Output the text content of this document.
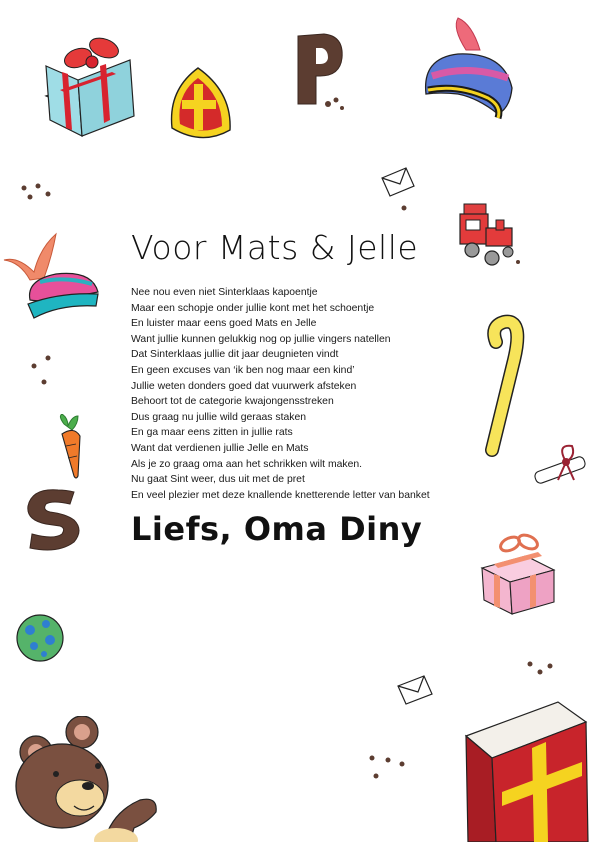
Voor Mats & Jelle
Nee nou even niet Sinterklaas kapoentje
Maar een schopje onder jullie kont met het schoentje
En luister maar eens goed Mats en Jelle
Want jullie kunnen gelukkig nog op jullie vingers natellen
Dat Sinterklaas jullie dit jaar deugnieten vindt
En geen excuses van ‘ik ben nog maar een kind’
Jullie weten donders goed dat vuurwerk afsteken
Behoort tot de categorie kwajongensstreken
Dus graag nu jullie wild geraas staken
En ga maar eens zitten in jullie rats
Want dat verdienen jullie Jelle en Mats
Als je zo graag oma aan het schrikken wilt maken.
Nu gaat Sint weer, dus uit met de pret
En veel plezier met deze knallende knetterende letter van banket
Liefs, Oma Diny
